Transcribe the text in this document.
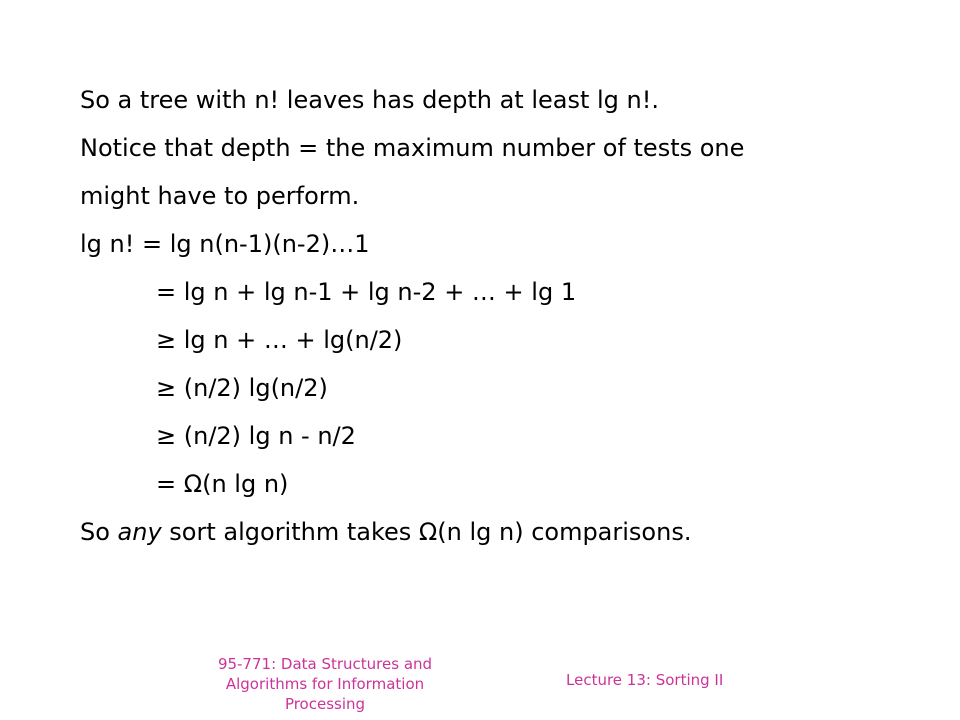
So a tree with n! leaves has depth at least lg n!.
Notice that depth = the maximum number of tests one
might have to perform.
lg n! = lg n(n-1)(n-2)…1
= lg n + lg n-1 + lg n-2 + … + lg 1
≥ lg n + … + lg(n/2)
≥ (n/2) lg(n/2)
≥ (n/2) lg n - n/2
= Ω(n lg n)
So any sort algorithm takes Ω(n lg n) comparisons.
95-771: Data Structures and Algorithms for Information Processing
Lecture 13: Sorting II
